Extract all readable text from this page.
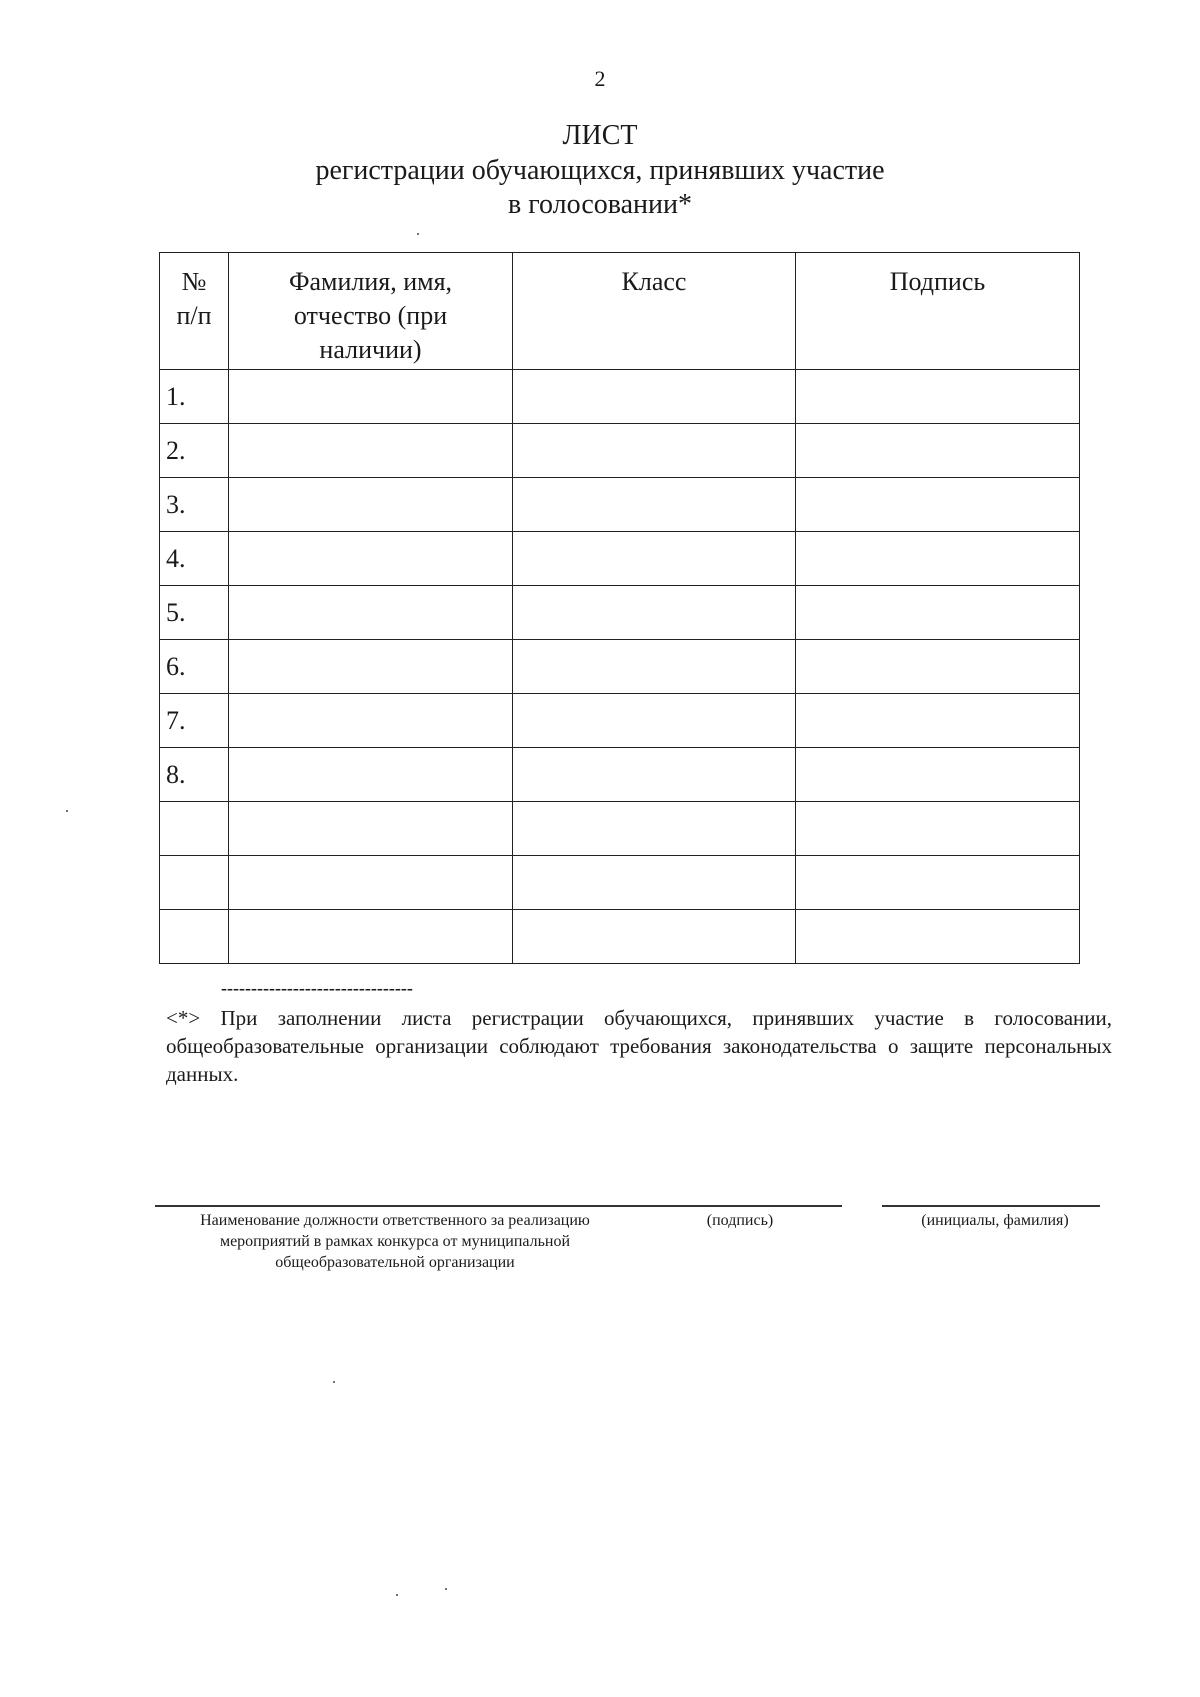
2
ЛИСТ
регистрации обучающихся, принявших участие
в голосовании*
№ п/п	Фамилия, имя, отчество (при наличии)	Класс	Подпись
1.			
2.			
3.			
4.			
5.			
6.			
7.			
8.			

--------------------------------
<*> При заполнении листа регистрации обучающихся, принявших участие в голосовании, общеобразовательные организации соблюдают требования законодательства о защите персональных данных.
Наименование должности ответственного за реализацию мероприятий в рамках конкурса от муниципальной общеобразовательной организации
(подпись)	(инициалы, фамилия)
